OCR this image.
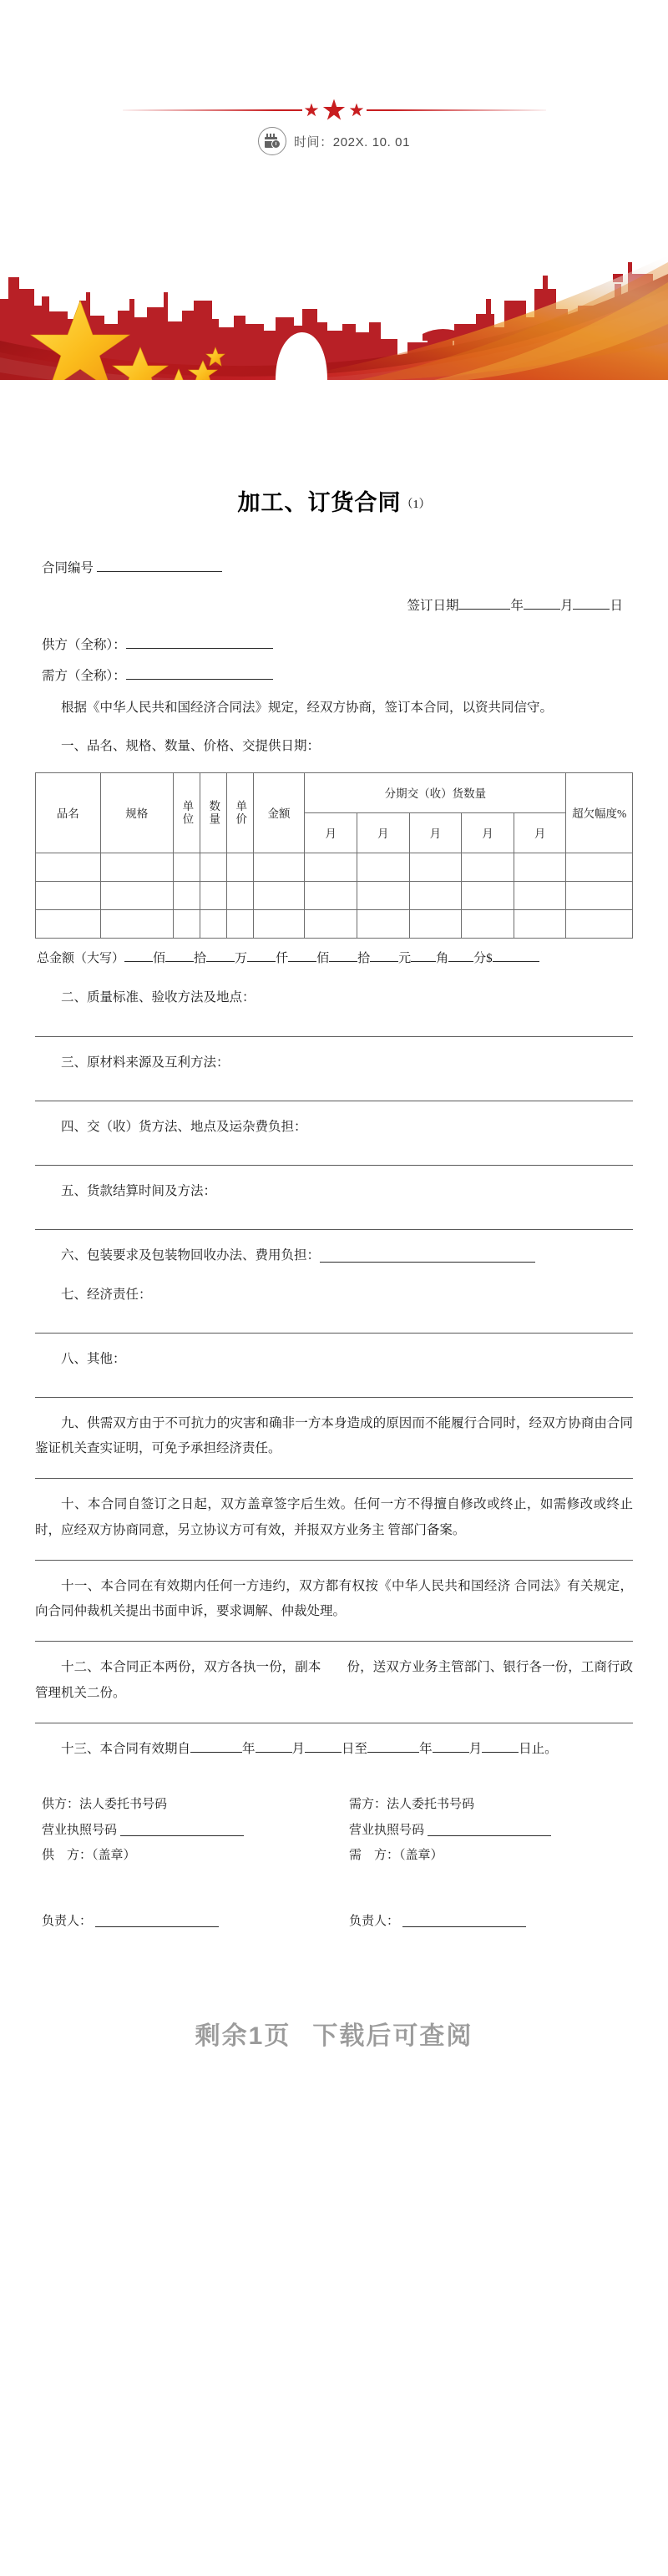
时间：202X. 10. 01
加工、订货合同$^{(1)}$
合同编号
签订日期	年	月	日
供方（全称）：
需方（全称）：

根据《中华人民共和国经济合同法》规定，经双方协商，签订本合同，以资共同信守。

一、品名、规格、数量、价格、交提供日期：

品名	规格	单位	数量	单价	金额	分期交（收）货数量					超欠幅度%
						月	月	月	月	月	

总金额（大写） 佰 拾 万 仟 佰 拾 元 角 分$

二、质量标准、验收方法及地点：

三、原材料来源及互利方法：

四、交（收）货方法、地点及运杂费负担：

五、货款结算时间及方法：

六、包装要求及包装物回收办法、费用负担：

七、经济责任：

八、其他：

九、供需双方由于不可抗力的灾害和确非一方本身造成的原因而不能履行合同时，经双方协商由合同鉴证机关查实证明，可免予承担经济责任。

十、本合同自签订之日起，双方盖章签字后生效。任何一方不得擅自修改或终止，如需修改或终止时，应经双方协商同意，另立协议方可有效，并报双方业务主 管部门备案。

十一、本合同在有效期内任何一方违约，双方都有权按《中华人民共和国经济 合同法》有关规定，向合同仲裁机关提出书面申诉，要求调解、仲裁处理。

十二、本合同正本两份，双方各执一份，副本　　份，送双方业务主管部门、银行各一份，工商行政管理机关二份。

十三、本合同有效期自	年	月	日至	年	月	日止。

供方：法人委托书号码
营业执照号码
供　方：（盖章）
负责人：
需方：法人委托书号码
营业执照号码
需　方：（盖章）
负责人：
剩余1页 下载后可查阅
